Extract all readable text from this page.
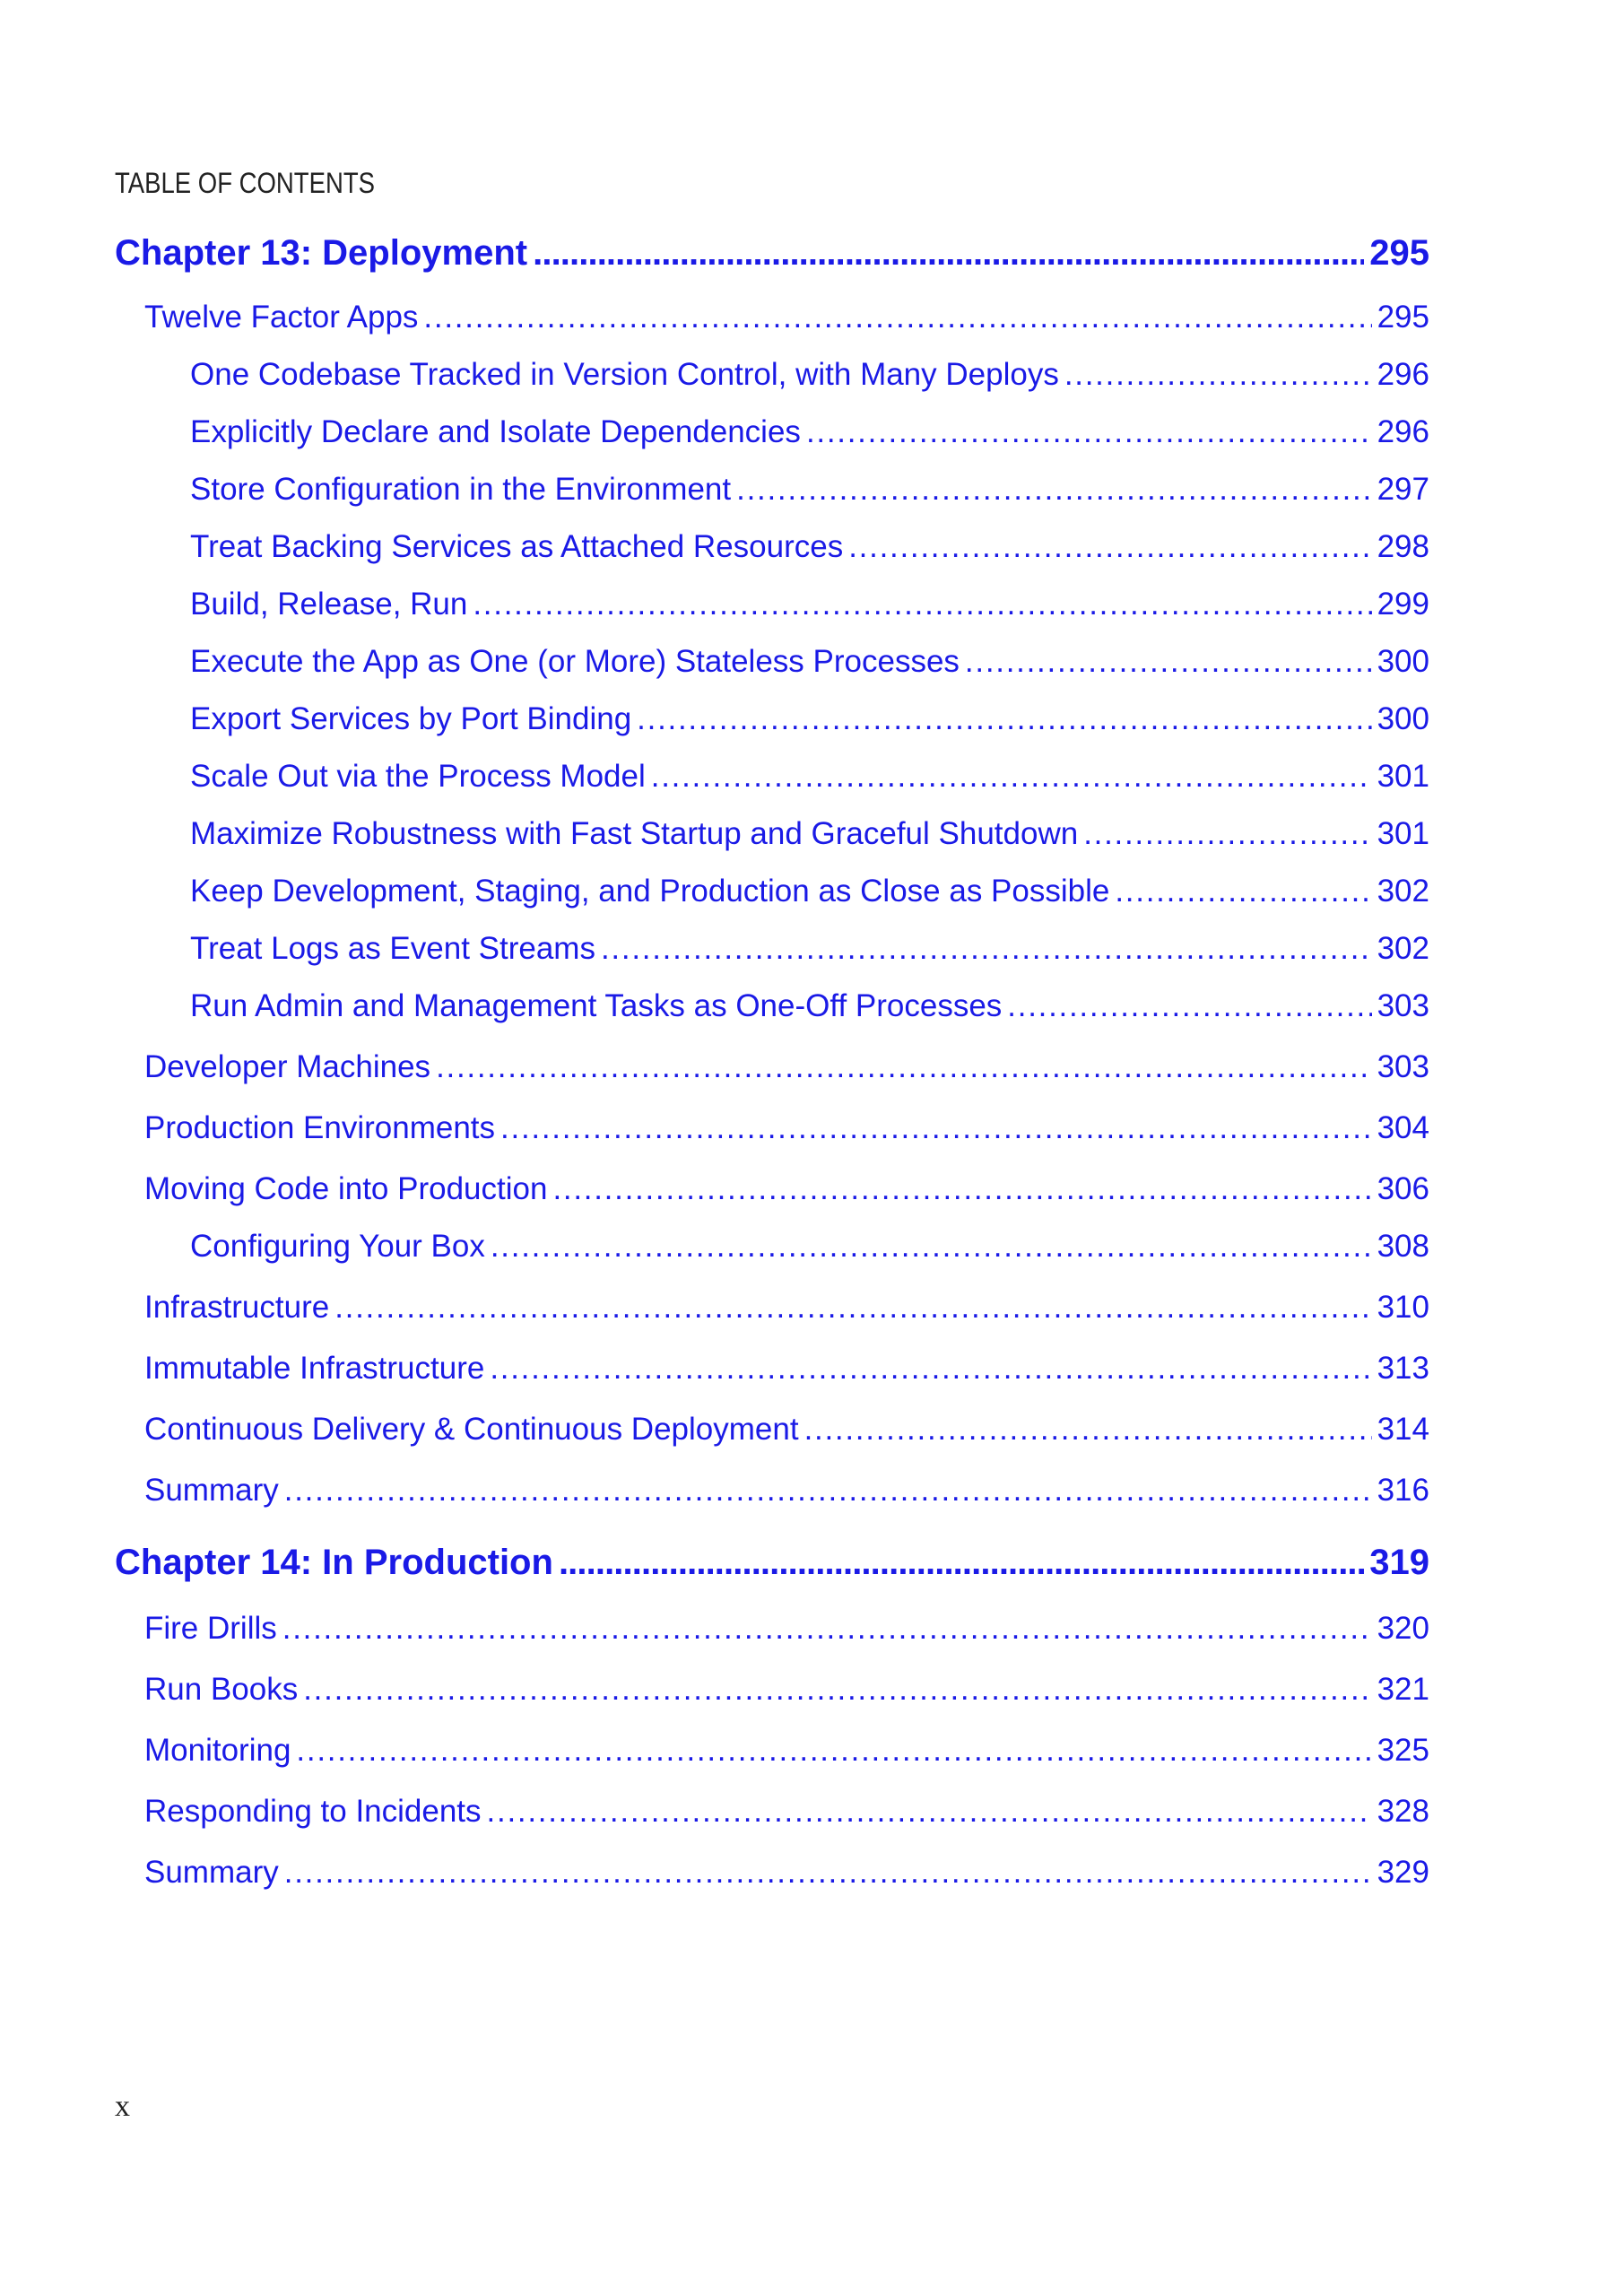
TABLE OF CONTENTS
Chapter 13: Deployment . . .	295
Twelve Factor Apps . . .	295
One Codebase Tracked in Version Control, with Many Deploys . . .	296
Explicitly Declare and Isolate Dependencies . . .	296
Store Configuration in the Environment . . .	297
Treat Backing Services as Attached Resources . . .	298
Build, Release, Run . . .	299
Execute the App as One (or More) Stateless Processes . . .	300
Export Services by Port Binding . . .	300
Scale Out via the Process Model . . .	301
Maximize Robustness with Fast Startup and Graceful Shutdown . . .	301
Keep Development, Staging, and Production as Close as Possible . . .	302
Treat Logs as Event Streams . . .	302
Run Admin and Management Tasks as One-Off Processes . . .	303
Developer Machines . . .	303
Production Environments . . .	304
Moving Code into Production . . .	306
Configuring Your Box . . .	308
Infrastructure . . .	310
Immutable Infrastructure . . .	313
Continuous Delivery & Continuous Deployment . . .	314
Summary . . .	316
Chapter 14: In Production . . .	319
Fire Drills . . .	320
Run Books . . .	321
Monitoring . . .	325
Responding to Incidents . . .	328
Summary . . .	329
x
